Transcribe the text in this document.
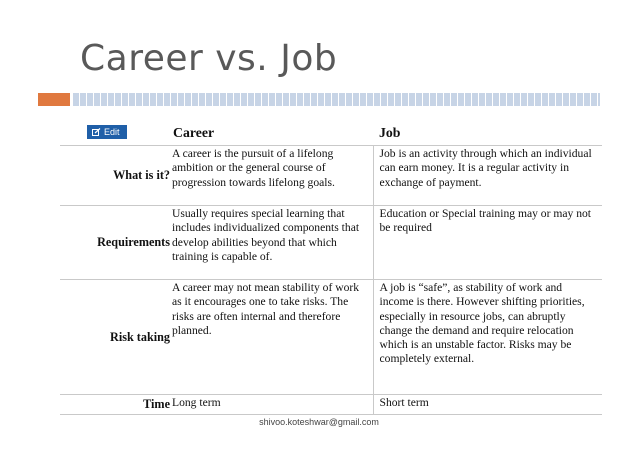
Career vs. Job
Edit	Career	Job
What is it?	A career is the pursuit of a lifelong ambition or the general course of progression towards lifelong goals.	Job is an activity through which an individual can earn money. It is a regular activity in exchange of payment.
Requirements	Usually requires special learning that includes individualized components that develop abilities beyond that which training is capable of.	Education or Special training may or may not be required
Risk taking	A career may not mean stability of work as it encourages one to take risks. The risks are often internal and therefore planned.	A job is “safe”, as stability of work and income is there. However shifting priorities, especially in resource jobs, can abruptly change the demand and require relocation which is an unstable factor. Risks may be completely external.
Time	Long term	Short term
shivoo.koteshwar@gmail.com
